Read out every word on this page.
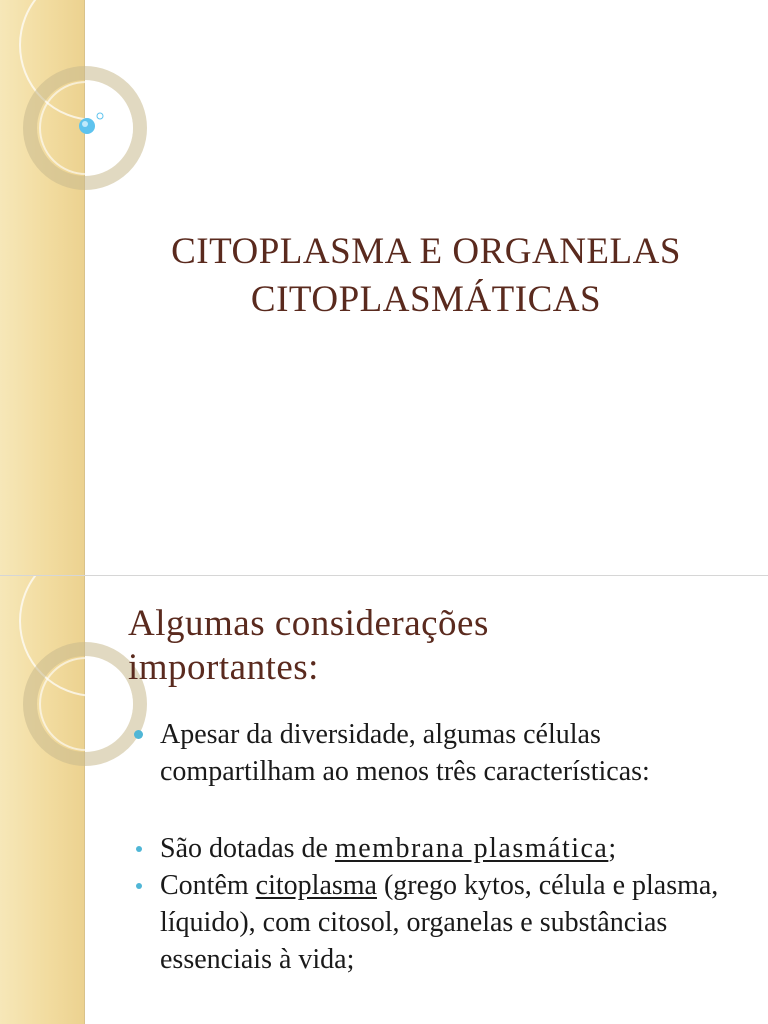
CITOPLASMA E ORGANELAS
CITOPLASMÁTICAS
Algumas considerações
importantes:
Apesar da diversidade, algumas células compartilham ao menos três características:
São dotadas de membrana plasmática;
Contêm citoplasma (grego kytos, célula e plasma, líquido), com citosol, organelas e substâncias essenciais à vida;
